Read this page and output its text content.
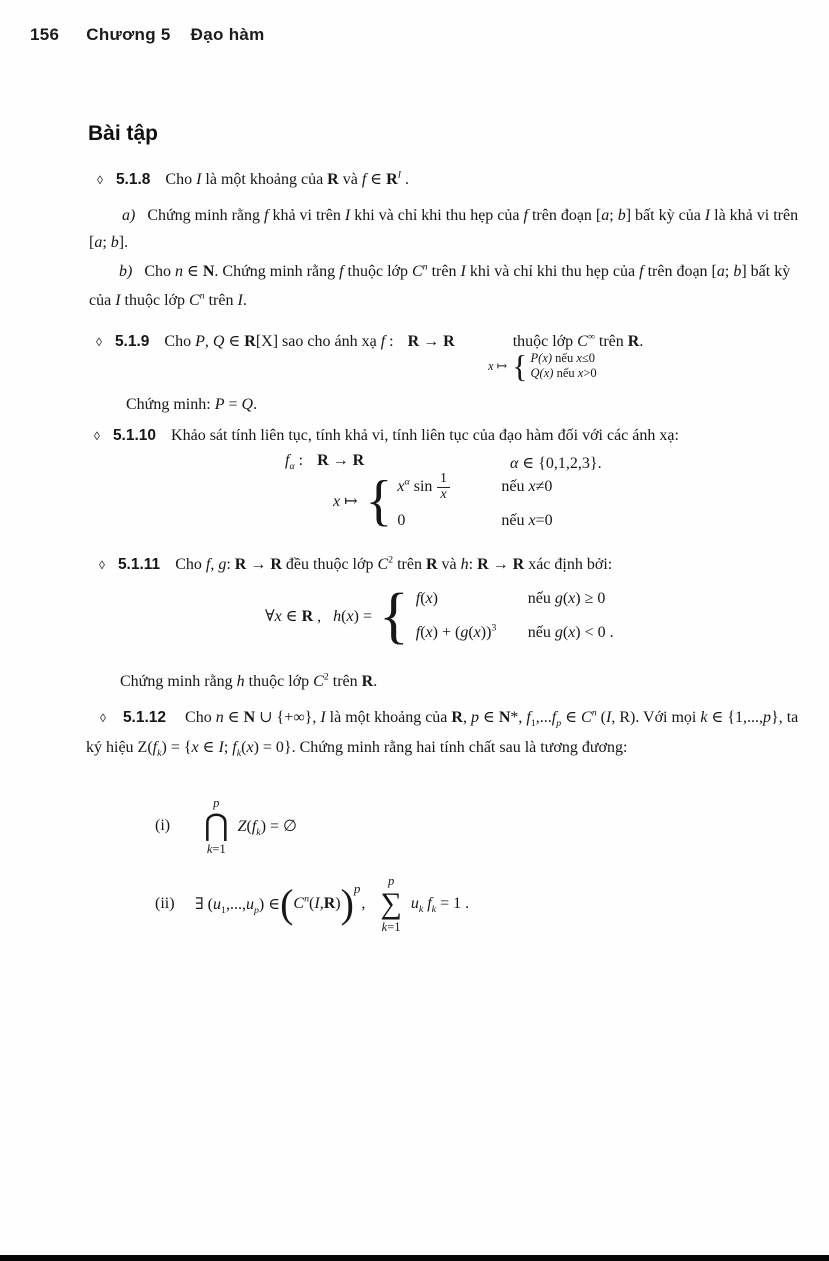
156 Chương 5 Đạo hàm
Bài tập
◊ 5.1.8 Cho I là một khoảng của R và f ∈ $R^I$ .

a)   Chứng minh rằng f khả vi trên I khi và chỉ khi thu hẹp của f trên đoạn [a; b] bất kỳ của I là khả vi trên [a; b].

b)   Cho n ∈ N. Chứng minh rằng f thuộc lớp $C^n$ trên I khi và chỉ khi thu hẹp của f trên đoạn [a; b] bất kỳ của I thuộc lớp $C^n$ trên I.

◊ 5.1.9 Cho P, Q ∈ R[X] sao cho ánh xạ f : R → R	thuộc lớp C∞ trên R.
x ↦ { P(x) nếu x≤0
Q(x) nếu x>0

Chứng minh: P = Q.

◊ 5.1.10 Khảo sát tính liên tục, tính khả vi, tính liên tục của đạo hàm đối với các ánh xạ:
$f_\alpha$ : R → R	α ∈ {0,1,2,3}.
x ↦ { $x^\alpha$ $\sin \frac{1}{x}$	nếu x≠0
0	nếu x=0
◊ 5.1.11 Cho f, g: R → R đều thuộc lớp $C^2$ trên R và h: R → R xác định bởi:
∀x ∈ R ,   h(x) = { f(x)	nếu g(x) ≥ 0
$f(x) + (g(x))^3$	nếu g(x) < 0 .

Chứng minh rằng h thuộc lớp $C^2$ trên R.

◊ 5.1.12 Cho n ∈ N ∪ {+∞}, I là một khoảng của R, p ∈ N*, $f_1,...f_p$ ∈ $C^n$ (I, R). Với mọi k ∈ {1,...,p}, ta ký hiệu $Z(f_k) = \{x$ ∈ I; $f_k(x) = 0$}. Chứng minh rằng hai tính chất sau là tương đương:

(i)
p
⋂
k=1
$Z(f_k)$ = ∅
(ii)	∃ $(u_1,...,u_p)$ ∈ ( $C^n(I,R)$ )$^p$
,
p
∑
k=1
$u_k$ $f_k = 1$ .
